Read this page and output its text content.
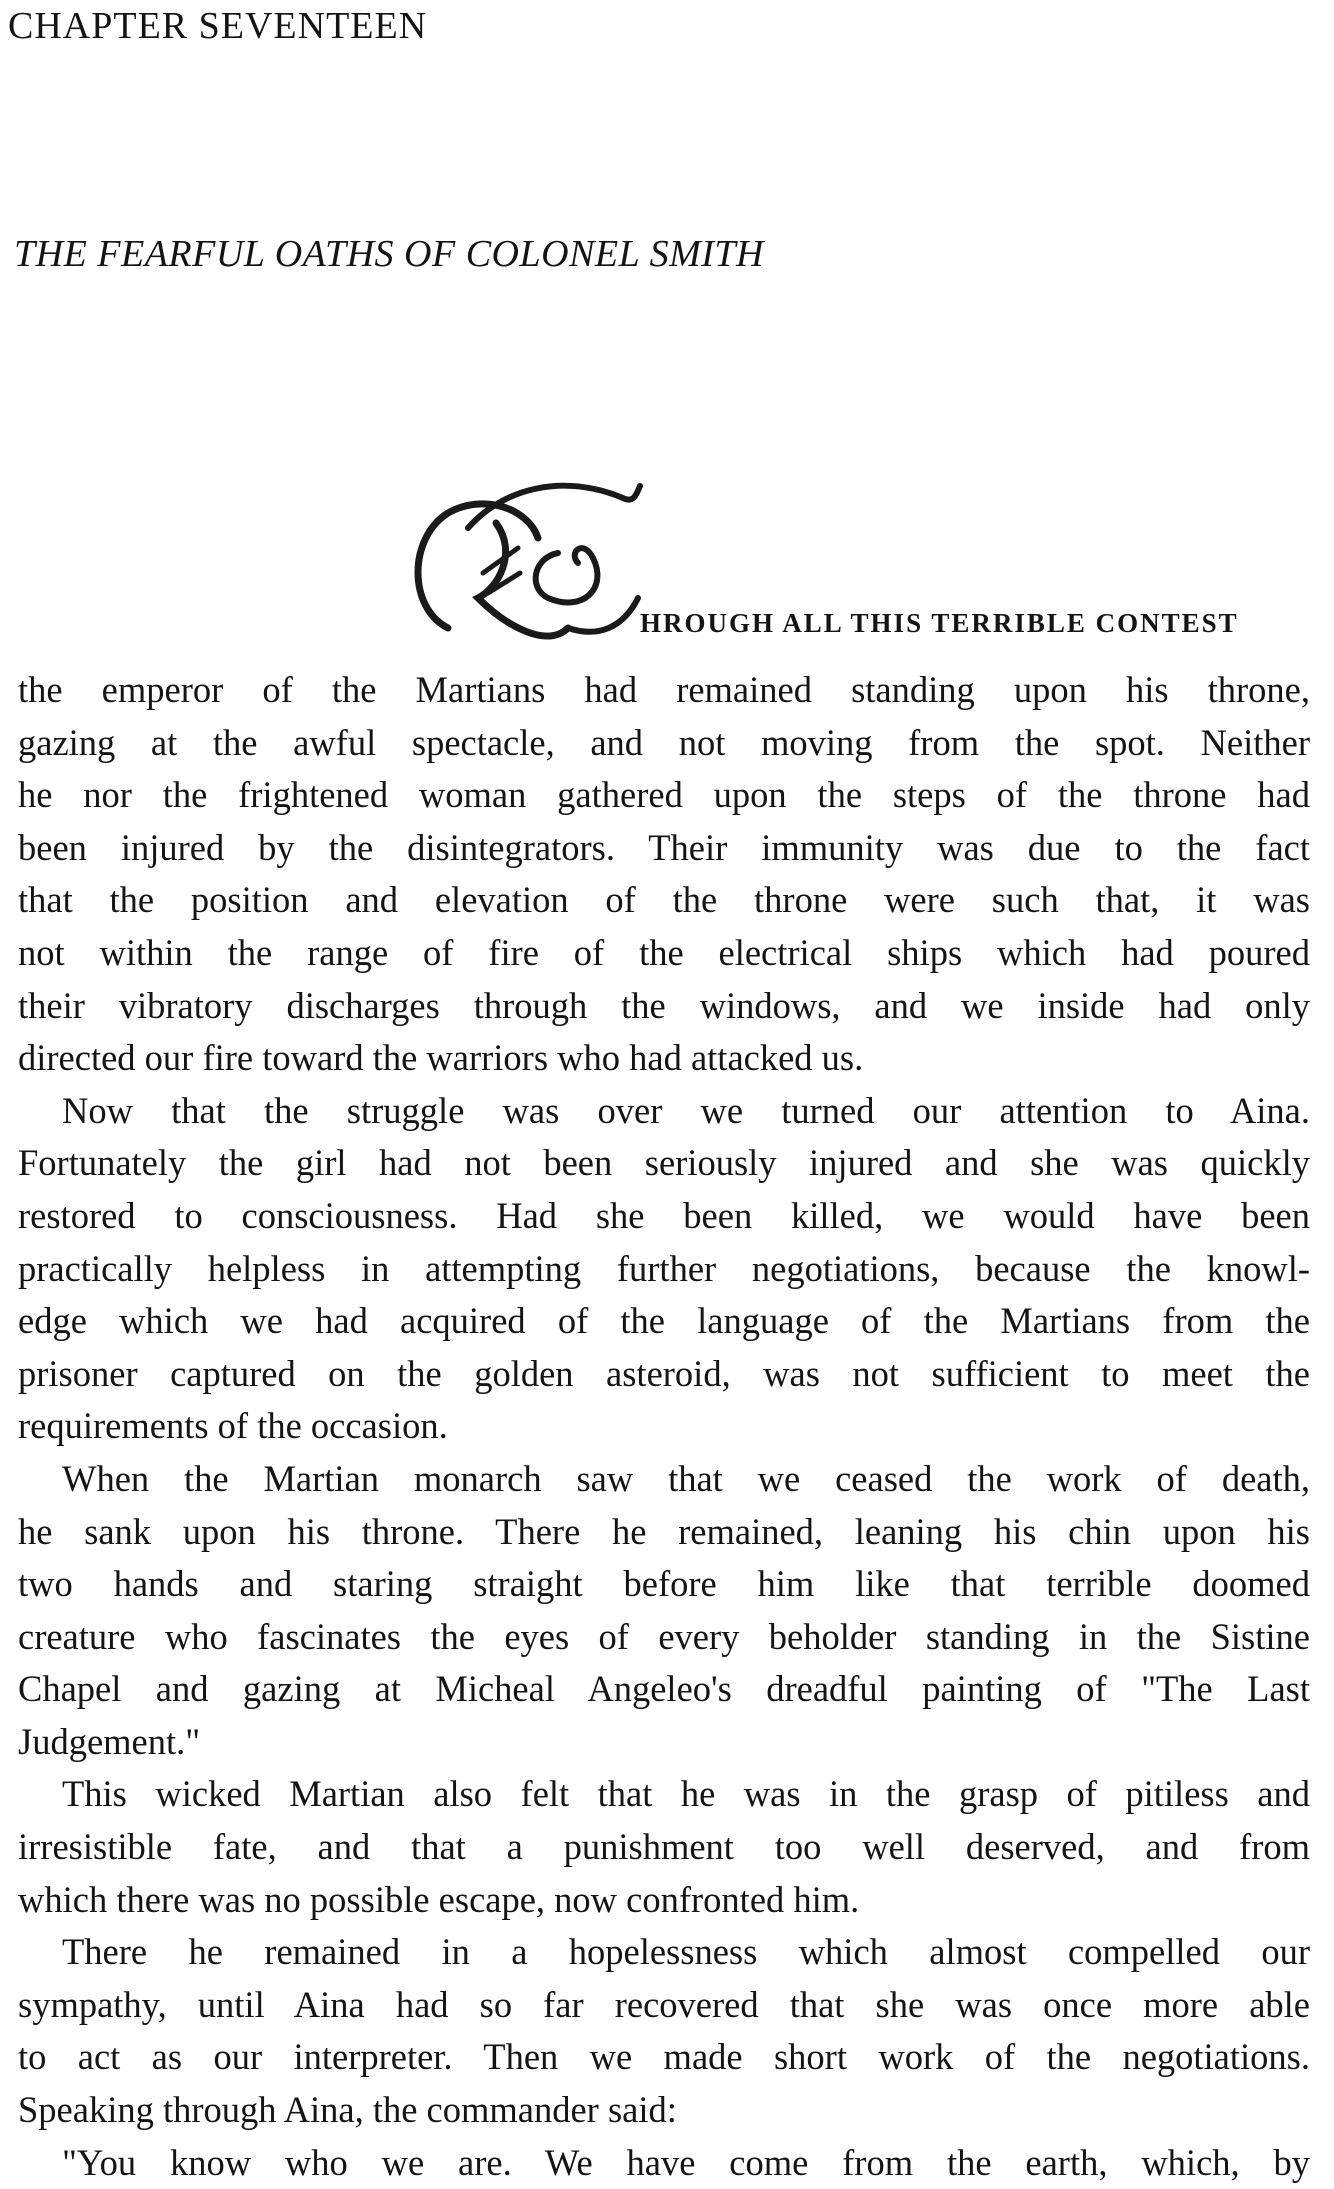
CHAPTER SEVENTEEN
THE FEARFUL OATHS OF COLONEL SMITH
HROUGH ALL THIS TERRIBLE CONTEST
the emperor of the Martians had remained standing upon his throne,
gazing at the awful spectacle, and not moving from the spot. Neither
he nor the frightened woman gathered upon the steps of the throne had
been injured by the disintegrators. Their immunity was due to the fact
that the position and elevation of the throne were such that, it was
not within the range of fire of the electrical ships which had poured
their vibratory discharges through the windows, and we inside had only
directed our fire toward the warriors who had attacked us.
Now that the struggle was over we turned our attention to Aina.
Fortunately the girl had not been seriously injured and she was quickly
restored to consciousness. Had she been killed, we would have been
practically helpless in attempting further negotiations, because the knowl-
edge which we had acquired of the language of the Martians from the
prisoner captured on the golden asteroid, was not sufficient to meet the
requirements of the occasion.
When the Martian monarch saw that we ceased the work of death,
he sank upon his throne. There he remained, leaning his chin upon his
two hands and staring straight before him like that terrible doomed
creature who fascinates the eyes of every beholder standing in the Sistine
Chapel and gazing at Micheal Angeleo's dreadful painting of "The Last
Judgement."
This wicked Martian also felt that he was in the grasp of pitiless and
irresistible fate, and that a punishment too well deserved, and from
which there was no possible escape, now confronted him.
There he remained in a hopelessness which almost compelled our
sympathy, until Aina had so far recovered that she was once more able
to act as our interpreter. Then we made short work of the negotiations.
Speaking through Aina, the commander said:
"You know who we are. We have come from the earth, which, by
